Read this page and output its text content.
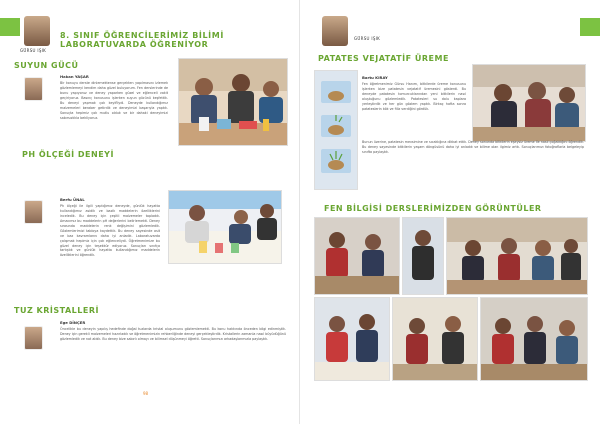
GÜRSU IŞIK
8. SINIF ÖĞRENCİLERİMİZ BİLİMİ
LABORATUVARDA ÖĞRENİYOR
SUYUN GÜCÜ
Hakan YAŞAR
Bir konuyu derste dinlemektense gerçekten yapılmasını izlemek gözlemlemeyi kendim daha güzel buluyorum. Fen derslerinde de bunu yapıyoruz ve deney yaparken güzel ve eğlenceli vakit geçiriyoruz. Basınç konusunu işlerken suyun gücünü keşfettik. Bu deneyi yapmak çok keyifliydi. Deneyde kullandığımız malzemeleri beraber getirdik ve deneyimizi başarıyla yaptık. Sonuçta hepimiz çok mutlu olduk ve bir dahaki deneyimizi sabırsızlıkla bekliyoruz.
PH ÖLÇEĞİ DENEYİ
Berfu ÜNAL
Ph ölçeği ile ilgili yaptığımız deneyde, günlük hayatta kullandığımız asidik ve bazik maddelerin özelliklerini inceledik. Bu deney için çeşitli malzemeler topladık. Amacımız bu maddelerin pH değerlerini belirlemekti. Deney sırasında maddelerin renk değişimini gözlemledik. Gözlemlerimizi tabloya kaydettik. Bu deney sayesinde asit ve baz kavramlarını daha iyi anladık. Laboratuvarda çalışmak hepimiz için çok eğlenceliydi. Öğretmenimize bu güzel deney için teşekkür ediyoruz. Sonuçları sınıfça tartıştık ve günlük hayatta kullandığımız maddelerin özelliklerini öğrendik.
TUZ KRİSTALLERİ
Ege DİNÇER
Öncelikle bu deneyin yapılış hedefinde doğal tuzlarda kristal oluşumunu gözlemlemekti. Bu konu hakkında önceden bilgi edinmiştik. Deney için gerekli malzemeleri hazırladık ve öğretmenimizin rehberliğinde deneyi gerçekleştirdik. Kristallerin zamanla nasıl büyüdüğünü gözlemledik ve not aldık. Bu deney bize sabırlı olmayı ve bilimsel düşünmeyi öğretti. Sonuçlarımızı arkadaşlarımızla paylaştık.
98
GÜRSU IŞIK
PATATES VEJATATİF ÜREME
Bartu KIRAY
Fen öğretmenimiz Gürsu Hanım, bitkilerde üreme konusunu işlerken bize patatesin vejatatif üremesini gösterdi. Bu deneyde patatesin tomurcuklarından yeni bitkilerin nasıl oluştuğunu gözlemledik. Patatesleri su dolu kaplara yerleştirdik ve her gün gözlem yaptık. Birkaç hafta sonra patateslerin kök ve filiz verdiğini gördük.
Bunun üzerine, patatesin mevsimine ve sıcaklığına dikkat ettik. Deney sonunda bitkilerin eşeysiz üreme ile nasıl çoğaldığını öğrendik. Bu deney sayesinde bitkilerin yaşam döngüsünü daha iyi anladık ve bilime olan ilgimiz arttı. Sonuçlarımızı fotoğraflarla belgeleyip sınıfta paylaştık.
FEN BİLGİSİ DERSLERİMİZDEN GÖRÜNTÜLER
